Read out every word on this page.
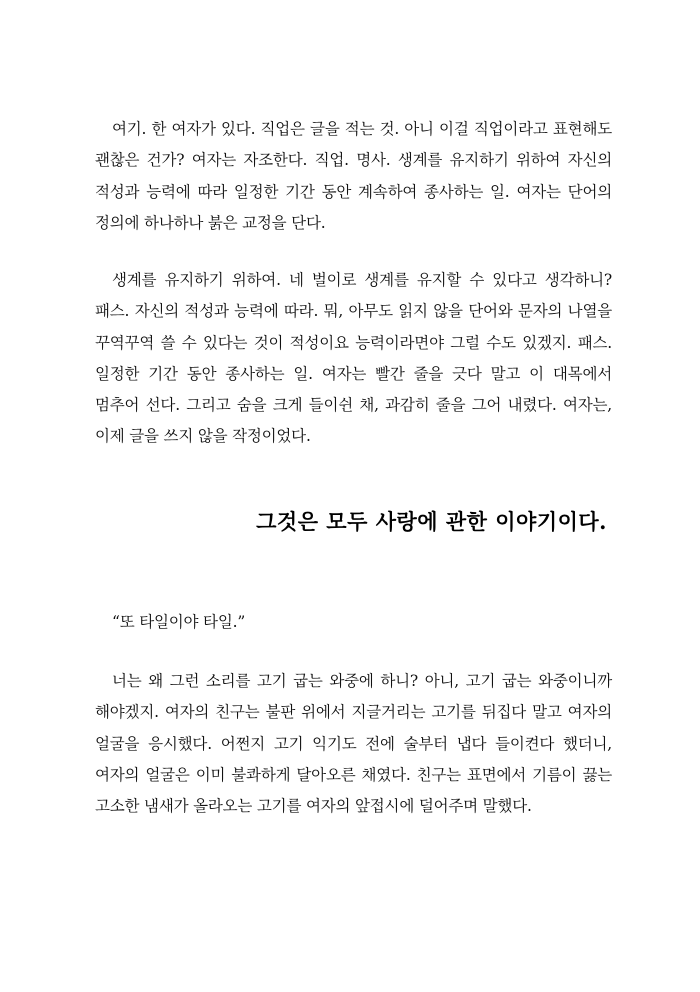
여기. 한 여자가 있다. 직업은 글을 적는 것. 아니 이걸 직업이라고 표현해도 괜찮은 건가? 여자는 자조한다. 직업. 명사. 생계를 유지하기 위하여 자신의 적성과 능력에 따라 일정한 기간 동안 계속하여 종사하는 일. 여자는 단어의 정의에 하나하나 붉은 교정을 단다.

생계를 유지하기 위하여. 네 벌이로 생계를 유지할 수 있다고 생각하니? 패스. 자신의 적성과 능력에 따라. 뭐, 아무도 읽지 않을 단어와 문자의 나열을 꾸역꾸역 쓸 수 있다는 것이 적성이요 능력이라면야 그럴 수도 있겠지. 패스. 일정한 기간 동안 종사하는 일. 여자는 빨간 줄을 긋다 말고 이 대목에서 멈추어 선다. 그리고 숨을 크게 들이쉰 채, 과감히 줄을 그어 내렸다. 여자는, 이제 글을 쓰지 않을 작정이었다.

그것은 모두 사랑에 관한 이야기이다.

“또 타일이야 타일.”

너는 왜 그런 소리를 고기 굽는 와중에 하니? 아니, 고기 굽는 와중이니까 해야겠지. 여자의 친구는 불판 위에서 지글거리는 고기를 뒤집다 말고 여자의 얼굴을 응시했다. 어쩐지 고기 익기도 전에 술부터 냅다 들이켠다 했더니, 여자의 얼굴은 이미 불콰하게 달아오른 채였다. 친구는 표면에서 기름이 끓는 고소한 냄새가 올라오는 고기를 여자의 앞접시에 덜어주며 말했다.
